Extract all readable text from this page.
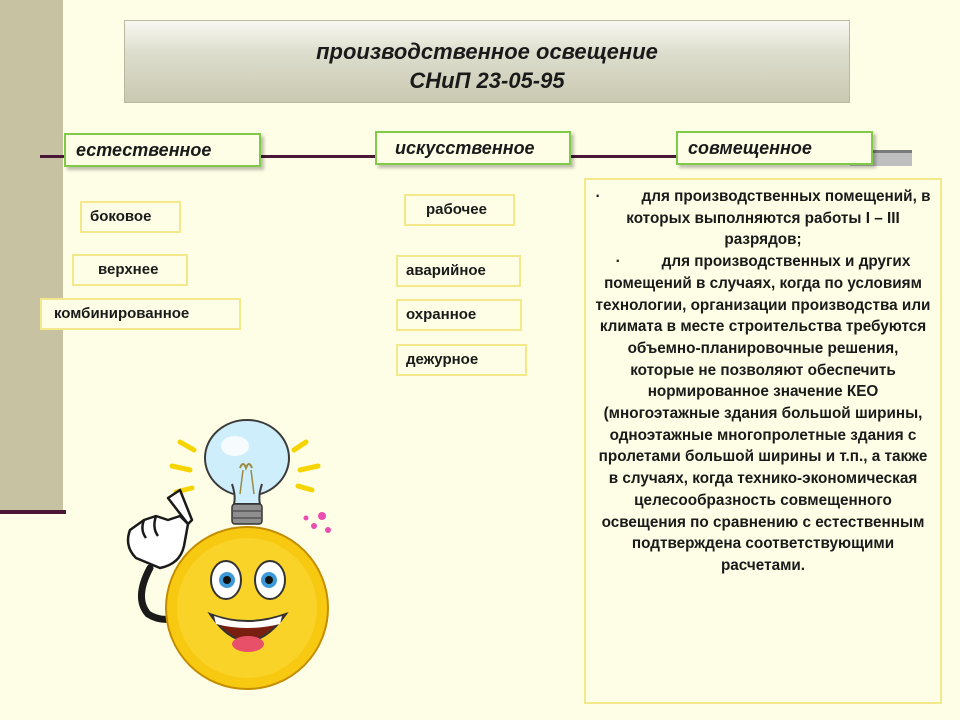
производственное освещение
СНиП 23-05-95
естественное	искусственное	совмещенное
боковое
верхнее
комбинированное
рабочее
аварийное
охранное
дежурное

·	для производственных помещений, в которых выполняются работы I – III разрядов;

·	для производственных и других помещений в случаях, когда по условиям технологии, организации производства или климата в месте строительства требуются объемно-планировочные решения, которые не позволяют обеспечить нормированное значение КЕО (многоэтажные здания большой ширины, одноэтажные многопролетные здания с пролетами большой ширины и т.п., а также в случаях, когда технико-экономическая целесообразность совмещенного освещения по сравнению с естественным подтверждена соответствующими расчетами.
